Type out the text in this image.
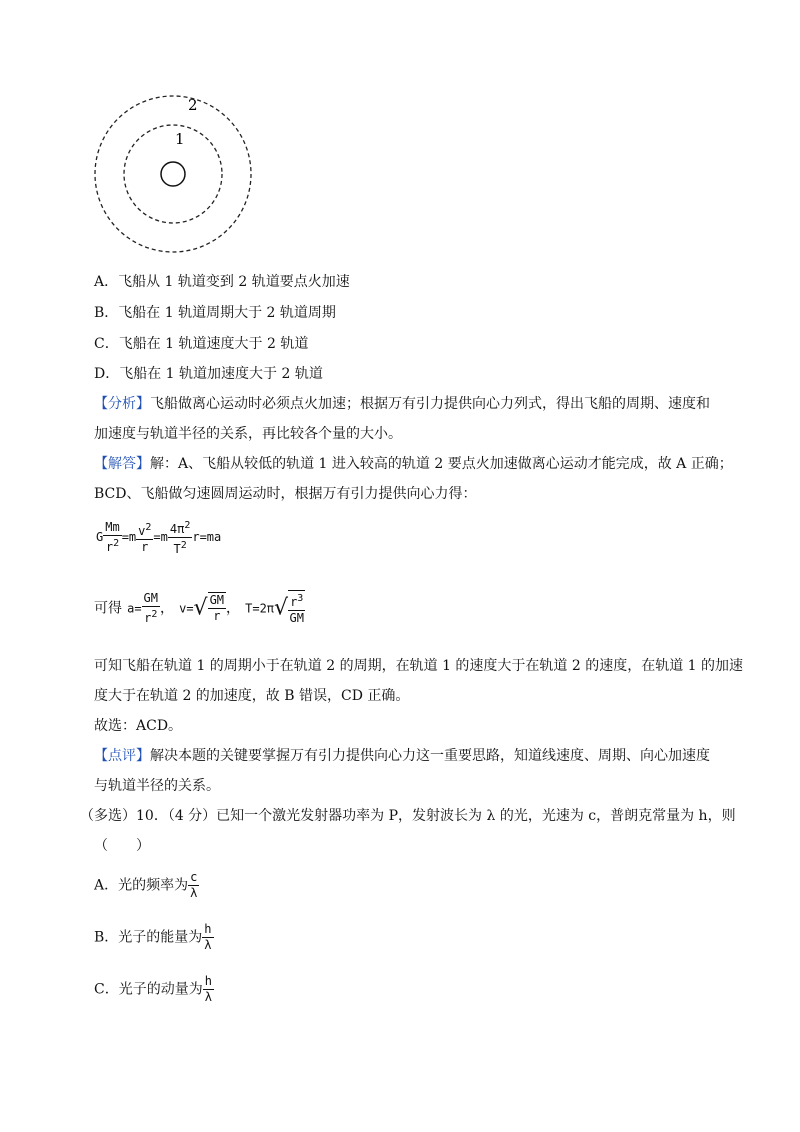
2
1
A．飞船从 1 轨道变到 2 轨道要点火加速
B．飞船在 1 轨道周期大于 2 轨道周期
C．飞船在 1 轨道速度大于 2 轨道
D．飞船在 1 轨道加速度大于 2 轨道
【分析】飞船做离心运动时必须点火加速；根据万有引力提供向心力列式，得出飞船的周期、速度和
加速度与轨道半径的关系，再比较各个量的大小。
【解答】解：A、飞船从较低的轨道 1 进入较高的轨道 2 要点火加速做离心运动才能完成，故 A 正确；
BCD、飞船做匀速圆周运动时，根据万有引力提供向心力得：
G $\frac{Mm}{r^2} =m \frac{v^2}{r} =m \frac{4\pi^2}{T^2} r=ma$
可得 $a= \frac{GM}{r^2}$ ， $v=√ \frac{GM}{r}$ ， $T=2\pi√ \frac{r^3}{GM}$
可知飞船在轨道 1 的周期小于在轨道 2 的周期，在轨道 1 的速度大于在轨道 2 的速度，在轨道 1 的加速
度大于在轨道 2 的加速度，故 B 错误，CD 正确。
故选：ACD。
【点评】解决本题的关键要掌握万有引力提供向心力这一重要思路，知道线速度、周期、向心加速度
与轨道半径的关系。
（多选）10．（4 分）已知一个激光发射器功率为 P，发射波长为 λ 的光，光速为 c，普朗克常量为 h，则
（　　）
A．光的频率为 $\frac{c}{\lambda}$
B．光子的能量为 $\frac{h}{\lambda}$
C．光子的动量为 $\frac{h}{\lambda}$
